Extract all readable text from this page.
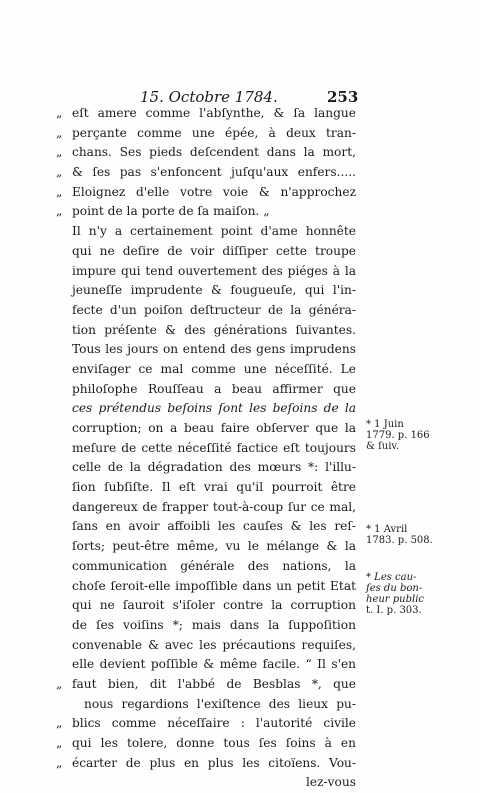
15. Octobre 1784.	253
„ eſt amere comme l'abſynthe, & ſa langue
„ perçante comme une épée, à deux tran-
„ chans. Ses pieds deſcendent dans la mort,
„ & ſes pas s'enfoncent juſqu'aux enfers.....
„ Eloignez d'elle votre voie & n'approchez
„ point de la porte de ſa maiſon. „
Il n'y a certainement point d'ame honnête
qui ne deſire de voir diſſiper cette troupe
impure qui tend ouvertement des piéges à la
jeuneſſe imprudente & fougueuſe, qui l'in-
fecte d'un poiſon deſtructeur de la généra-
tion préſente & des générations ſuivantes.
Tous les jours on entend des gens imprudens
enviſager ce mal comme une néceſſité. Le
philoſophe Rouſſeau a beau affirmer que
ces prétendus beſoins ſont les beſoins de la
corruption; on a beau faire obſerver que la
meſure de cette néceſſité factice eſt toujours
celle de la dégradation des mœurs *: l'illu-
ſion ſubſiſte. Il eſt vrai qu'il pourroit être
dangereux de frapper tout-à-coup ſur ce mal,
ſans en avoir affoibli les cauſes & les reſ-
ſorts; peut-être même, vu le mélange & la
communication générale des nations, la
choſe ſeroit-elle impoſſible dans un petit Etat
qui ne ſauroit s'iſoler contre la corruption
de ſes voiſins *; mais dans la ſuppoſition
convenable & avec les précautions requiſes,
elle devient poſſible & même facile. “ Il s'en
„ faut bien, dit l'abbé de Besblas *, que
nous regardions l'exiſtence des lieux pu-
„ blics comme néceſſaire : l'autorité civile
„ qui les tolere, donne tous ſes ſoins à en
„ écarter de plus en plus les citoïens. Vou-
lez-vous
* 1 Juin
1779. p. 166
& ſuiv.
* 1 Avril
1783. p. 508.
* Les cau-
ſes du bon-
heur public
t. I. p. 303.
